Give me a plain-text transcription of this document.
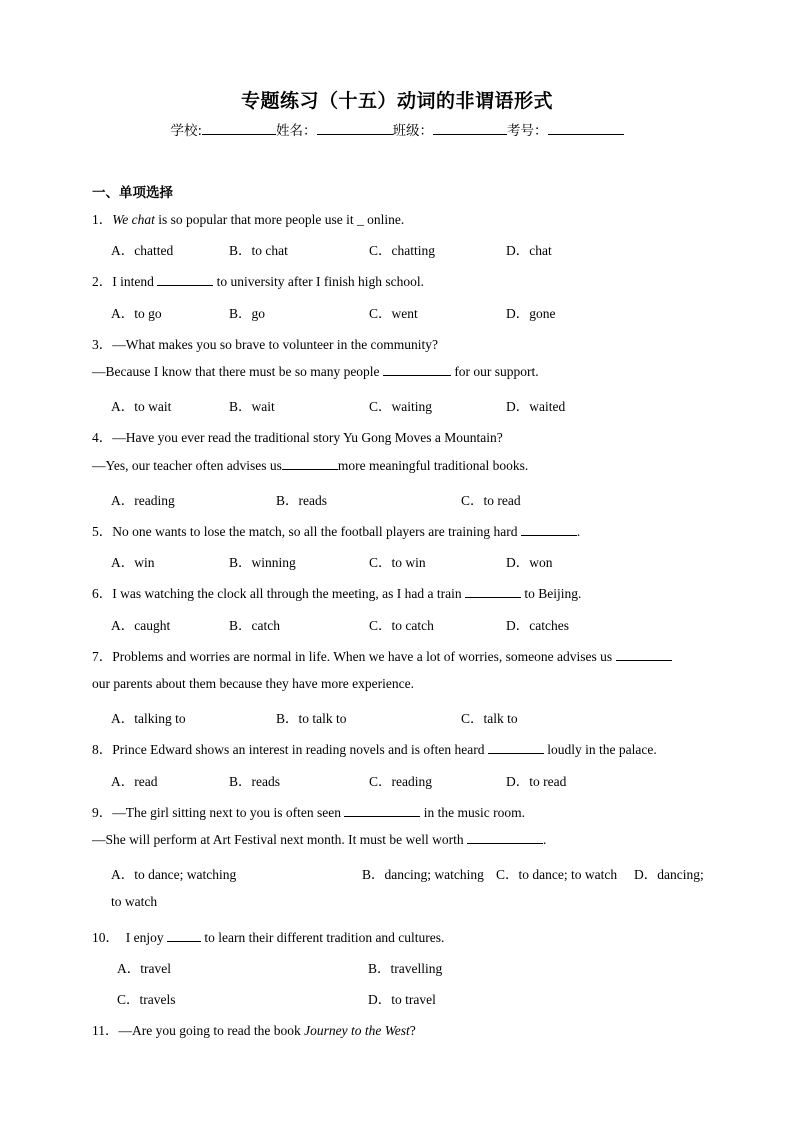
专题练习（十五）动词的非谓语形式
学校:	姓名：	班级：	考号：
一、单项选择
1．We chat is so popular that more people use it _ online.
A．chatted	B．to chat	C．chatting	D．chat
2．I intend	to university after I finish high school.
A．to go	B．go	C．went	D．gone
3．—What makes you so brave to volunteer in the community?
—Because I know that there must be so many people	for our support.
A．to wait	B．wait	C．waiting	D．waited
4．—Have you ever read the traditional story Yu Gong Moves a Mountain?
—Yes, our teacher often advises us	more meaningful traditional books.
A．reading	B．reads	C．to read
5．No one wants to lose the match, so all the football players are training hard	.
A．win	B．winning	C．to win	D．won
6．I was watching the clock all through the meeting, as I had a train	to Beijing.
A．caught	B．catch	C．to catch	D．catches
7．Problems and worries are normal in life. When we have a lot of worries, someone advises us
our parents about them because they have more experience.
A．talking to	B．to talk to	C．talk to
8．Prince Edward shows an interest in reading novels and is often heard	loudly in the palace.
A．read	B．reads	C．reading	D．to read
9．—The girl sitting next to you is often seen	in the music room.
—She will perform at Art Festival next month. It must be well worth	.
A．to dance; watching	B．dancing; watching C．to dance; to watch D．dancing;
to watch
10． I enjoy	to learn their different tradition and cultures.
A．travel	B．travelling
C．travels	D．to travel
11．—Are you going to read the book Journey to the West?
